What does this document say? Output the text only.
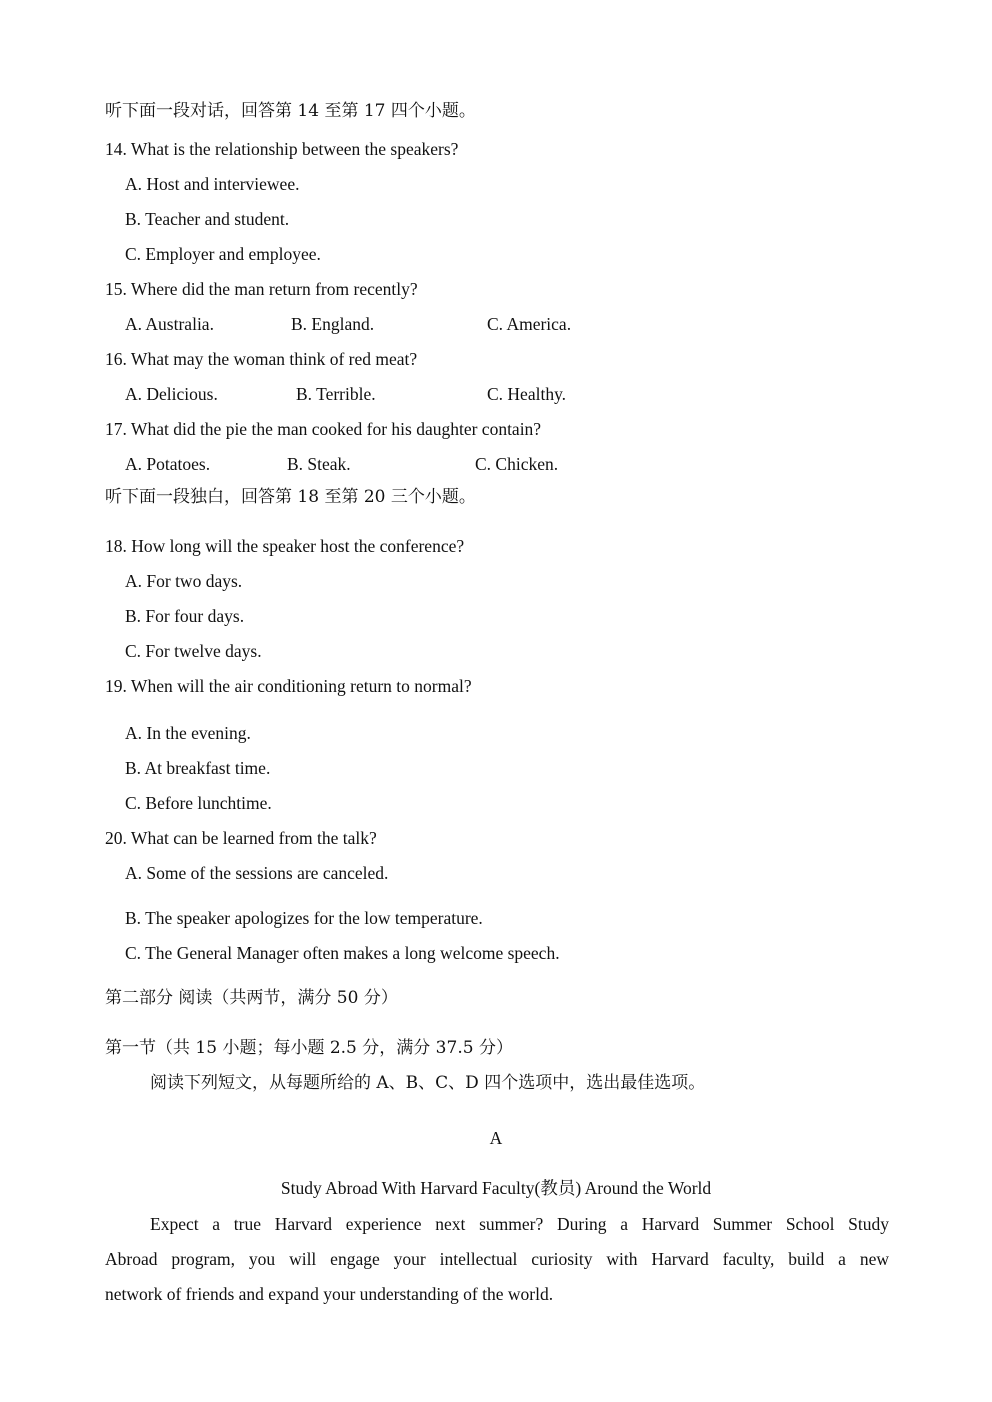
听下面一段对话，回答第 14 至第 17 四个小题。
14. What is the relationship between the speakers?
A. Host and interviewee.
B. Teacher and student.
C. Employer and employee.
15. Where did the man return from recently?
A. Australia.	B. England.	C. America.
16. What may the woman think of red meat?
A. Delicious.	B. Terrible.	C. Healthy.
17. What did the pie the man cooked for his daughter contain?
A. Potatoes.	B. Steak.	C. Chicken.
听下面一段独白，回答第 18 至第 20 三个小题。
18. How long will the speaker host the conference?
A. For two days.
B. For four days.
C. For twelve days.
19. When will the air conditioning return to normal?
A. In the evening.
B. At breakfast time.
C. Before lunchtime.
20. What can be learned from the talk?
A. Some of the sessions are canceled.
B. The speaker apologizes for the low temperature.
C. The General Manager often makes a long welcome speech.
第二部分 阅读（共两节，满分 50 分）
第一节（共 15 小题；每小题 2.5 分，满分 37.5 分）
阅读下列短文，从每题所给的 A、B、C、D 四个选项中，选出最佳选项。
A
Study Abroad With Harvard Faculty(教员) Around the World
Expect a true Harvard experience next summer? During a Harvard Summer School Study
Abroad program, you will engage your intellectual curiosity with Harvard faculty, build a new
network of friends and expand your understanding of the world.
